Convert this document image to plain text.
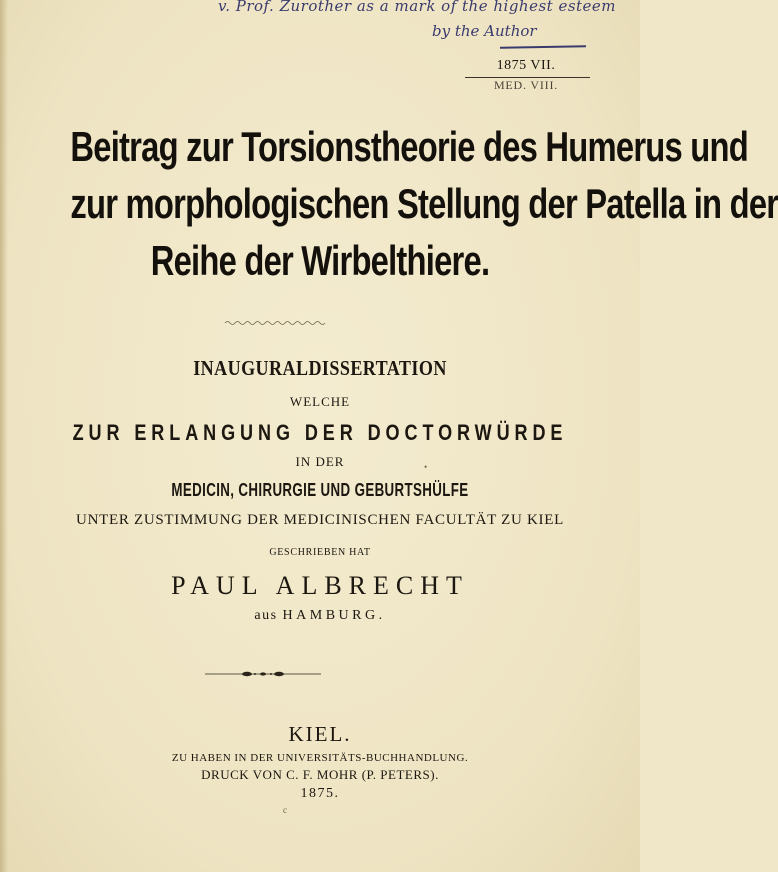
v. Prof. Zurother as a mark of the highest esteem
by the Author
1875 VII.
MED. VIII.
Beitrag zur Torsionstheorie des Humerus und
zur morphologischen Stellung der Patella in der
Reihe der Wirbelthiere.
INAUGURALDISSERTATION
WELCHE
ZUR ERLANGUNG DER DOCTORWÜRDE
IN DER
MEDICIN, CHIRURGIE UND GEBURTSHÜLFE
UNTER ZUSTIMMUNG DER MEDICINISCHEN FACULTÄT ZU KIEL
GESCHRIEBEN HAT
PAUL ALBRECHT
aus HAMBURG.
KIEL.
ZU HABEN IN DER UNIVERSITÄTS-BUCHHANDLUNG.
DRUCK VON C. F. MOHR (P. PETERS).
1875.
•
c
